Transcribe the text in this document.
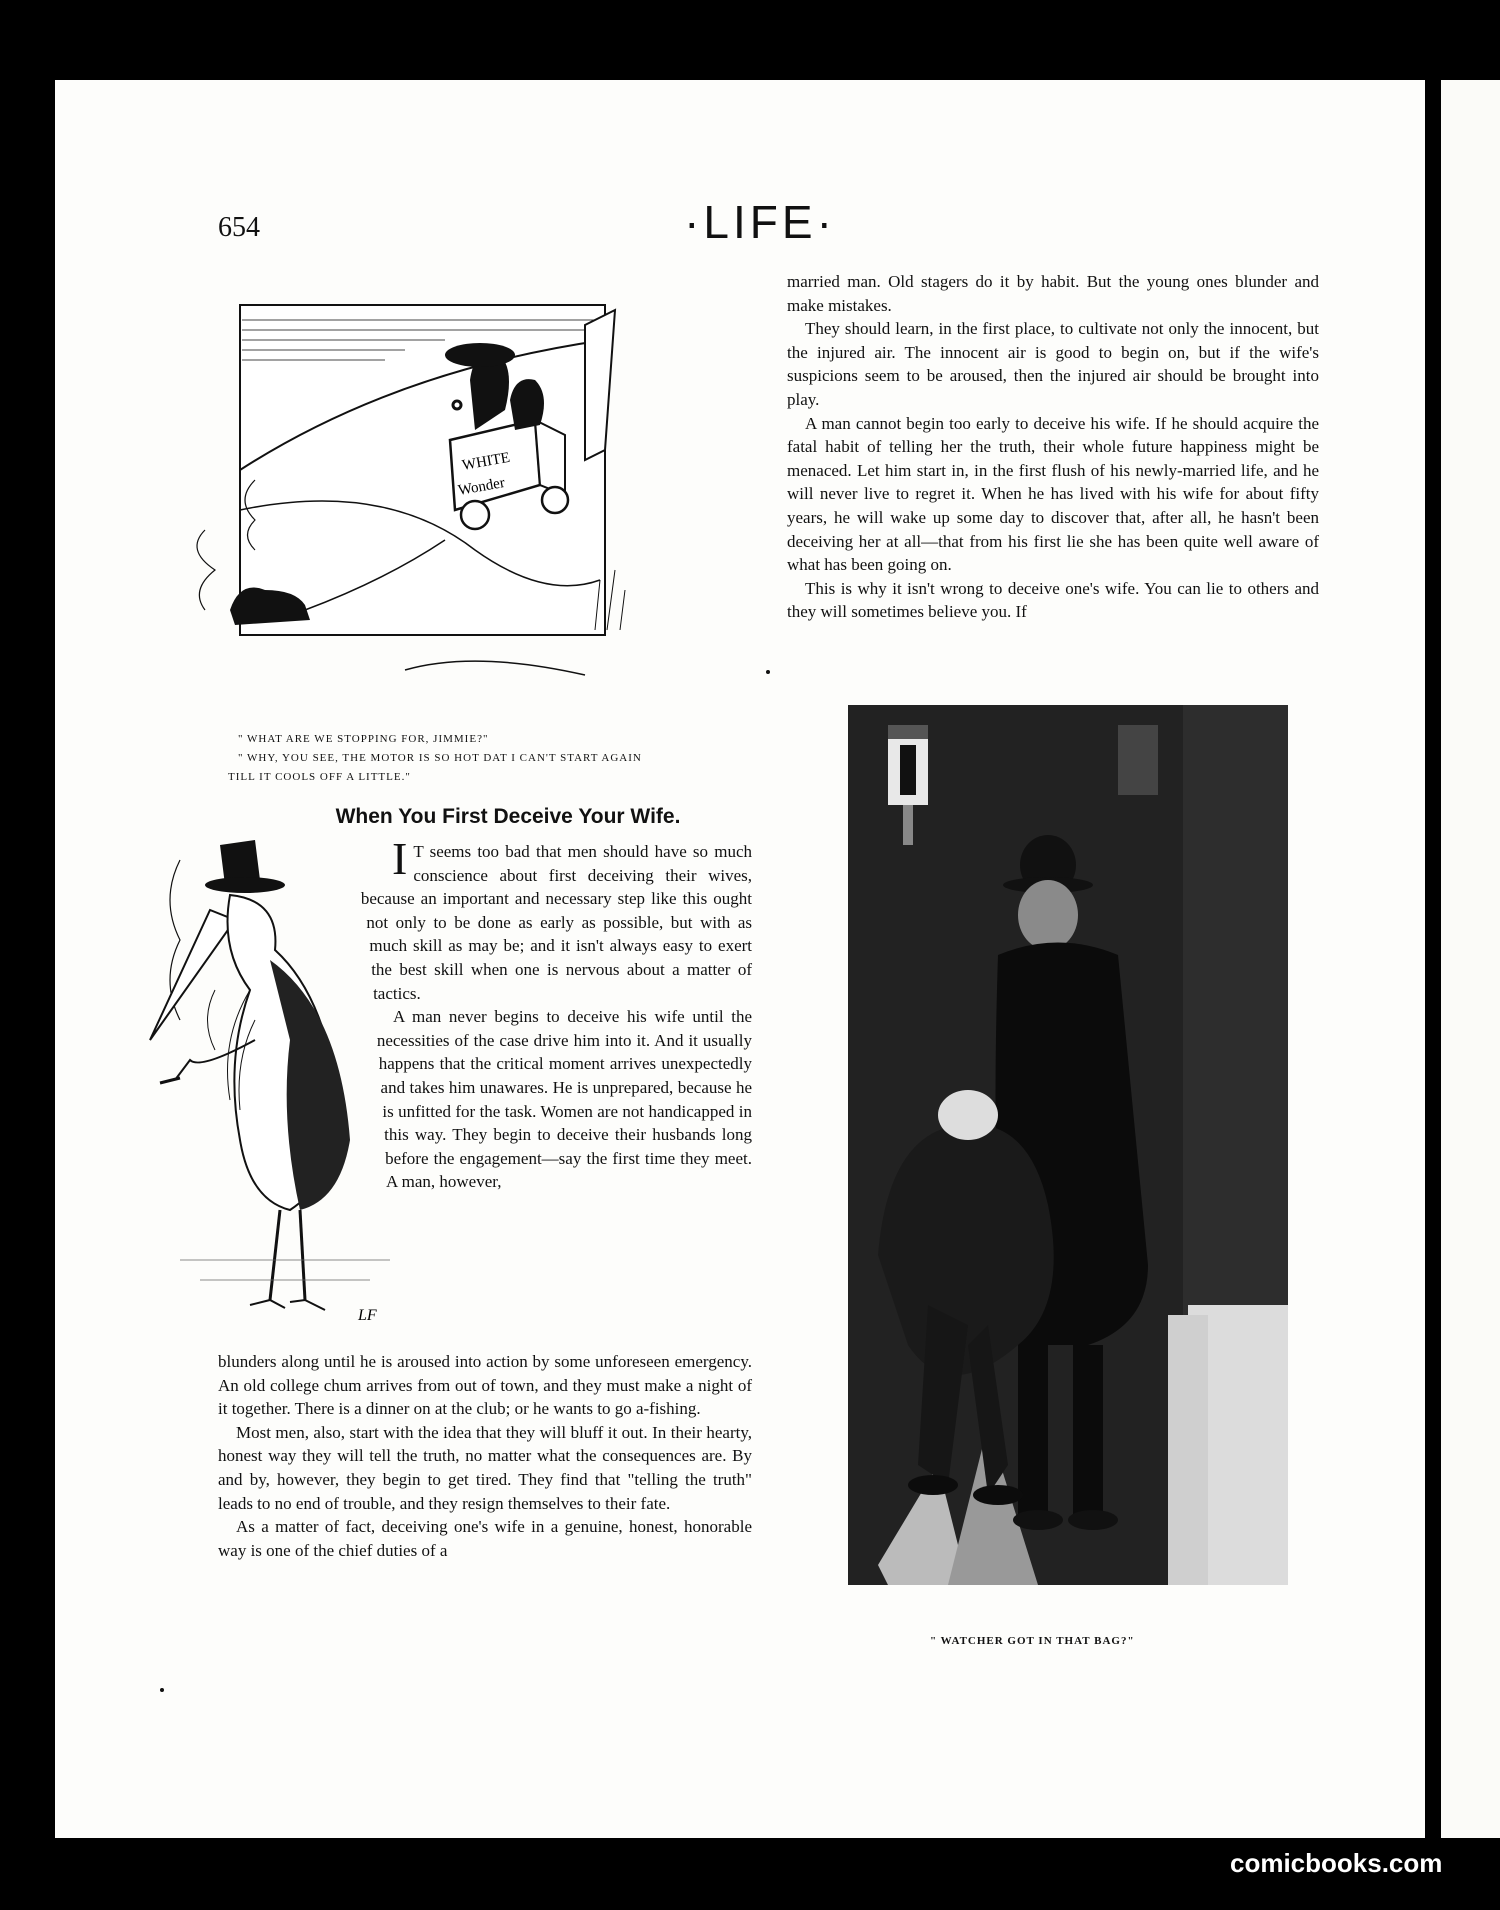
654	·LIFE·
WHITE
Wonder
" WHAT ARE WE STOPPING FOR, JIMMIE?"
" WHY, YOU SEE, THE MOTOR IS SO HOT DAT I CAN'T START AGAIN
TILL IT COOLS OFF A LITTLE."
When You First Deceive Your Wife.
LF

I T seems too bad that men should have so much conscience about first deceiving their wives, because an important and necessary step like this ought not only to be done as early as possible, but with as much skill as may be; and it isn't always easy to exert the best skill when one is nervous about a matter of tactics.

A man never begins to deceive his wife until the necessities of the case drive him into it. And it usually happens that the critical moment arrives unexpectedly and takes him unawares. He is unprepared, because he is unfitted for the task. Women are not handicapped in this way. They begin to deceive their husbands long before the engagement—say the first time they meet. A man, however,

blunders along until he is aroused into action by some unforeseen emergency. An old college chum arrives from out of town, and they must make a night of it together. There is a dinner on at the club; or he wants to go a-fishing.

Most men, also, start with the idea that they will bluff it out. In their hearty, honest way they will tell the truth, no matter what the consequences are. By and by, however, they begin to get tired. They find that "telling the truth" leads to no end of trouble, and they resign themselves to their fate.

As a matter of fact, deceiving one's wife in a genuine, honest, honorable way is one of the chief duties of a

married man. Old stagers do it by habit. But the young ones blunder and make mistakes.

They should learn, in the first place, to cultivate not only the innocent, but the injured air. The innocent air is good to begin on, but if the wife's suspicions seem to be aroused, then the injured air should be brought into play.

A man cannot begin too early to deceive his wife. If he should acquire the fatal habit of telling her the truth, their whole future happiness might be menaced. Let him start in, in the first flush of his newly-married life, and he will never live to regret it. When he has lived with his wife for about fifty years, he will wake up some day to discover that, after all, he hasn't been deceiving her at all—that from his first lie she has been quite well aware of what has been going on.

This is why it isn't wrong to deceive one's wife. You can lie to others and they will sometimes believe you. If

" WATCHER GOT IN THAT BAG?"
comicbooks.com
